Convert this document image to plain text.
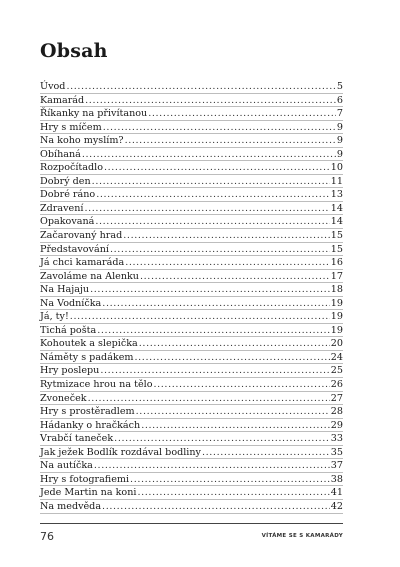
Obsah
Úvod .....	5
Kamarád .....	6
Říkanky na přivítanou .....	7
Hry s míčem .....	9
Na koho myslím? .....	9
Obíhaná .....	9
Rozpočítadlo .....	10
Dobrý den .....	11
Dobré ráno .....	13
Zdravení .....	14
Opakovaná .....	14
Začarovaný hrad .....	15
Představování .....	15
Já chci kamaráda .....	16
Zavoláme na Alenku .....	17
Na Hajaju .....	18
Na Vodníčka .....	19
Já, ty! .....	19
Tichá pošta .....	19
Kohoutek a slepička .....	20
Náměty s padákem .....	24
Hry poslepu .....	25
Rytmizace hrou na tělo .....	26
Zvoneček .....	27
Hry s prostěradlem .....	28
Hádanky o hračkách .....	29
Vrabčí taneček .....	33
Jak ježek Bodlík rozdával bodliny .....	35
Na autíčka .....	37
Hry s fotografiemi .....	38
Jede Martin na koni .....	41
Na medvěda .....	42
76	VÍTÁME SE S KAMARÁDY
